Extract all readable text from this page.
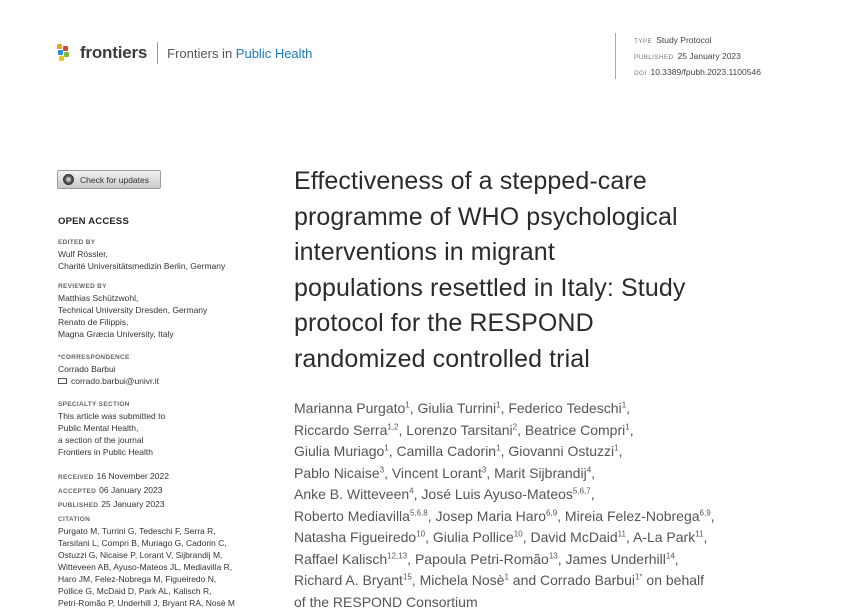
frontiers Frontiers in Public Health
TYPE Study Protocol
PUBLISHED 25 January 2023
DOI 10.3389/fpubh.2023.1100546
Check for updates
OPEN ACCESS
EDITED BY
Wulf Rössler,
Charité Universitätsmedizin Berlin, Germany
REVIEWED BY
Matthias Schützwohl,
Technical University Dresden, Germany
Renato de Filippis,
Magna Græcia University, Italy
*CORRESPONDENCE
Corrado Barbui
corrado.barbui@univr.it
SPECIALTY SECTION
This article was submitted to
Public Mental Health,
a section of the journal
Frontiers in Public Health
RECEIVED 16 November 2022
ACCEPTED 06 January 2023
PUBLISHED 25 January 2023
CITATION
Purgato M, Turrini G, Tedeschi F, Serra R,
Tarsitani L, Compri B, Muriago G, Cadorin C,
Ostuzzi G, Nicaise P, Lorant V, Sijbrandij M,
Witteveen AB, Ayuso-Mateos JL, Mediavilla R,
Haro JM, Felez-Nobrega M, Figueiredo N,
Pollice G, McDaid D, Park AL, Kalisch R,
Petri-Romão P, Underhill J, Bryant RA, Nosè M
Effectiveness of a stepped-care
programme of WHO psychological
interventions in migrant
populations resettled in Italy: Study
protocol for the RESPOND
randomized controlled trial
Marianna Purgato$^1$, Giulia Turrini$^1$, Federico Tedeschi$^1$,
Riccardo Serra$^{1,2}$, Lorenzo Tarsitani$^2$, Beatrice Compri$^1$,
Giulia Muriago$^1$, Camilla Cadorin$^1$, Giovanni Ostuzzi$^1$,
Pablo Nicaise$^3$, Vincent Lorant$^3$, Marit Sijbrandij$^4$,
Anke B. Witteveen$^4$, José Luis Ayuso-Mateos$^{5,6,7}$,
Roberto Mediavilla$^{5,6,8}$, Josep Maria Haro$^{6,9}$, Mireia Felez-Nobrega$^{6,9}$,
Natasha Figueiredo$^{10}$, Giulia Pollice$^{10}$, David McDaid$^{11}$, A-La Park$^{11}$,
Raffael Kalisch$^{12,13}$, Papoula Petri-Romão$^{13}$, James Underhill$^{14}$,
Richard A. Bryant$^{15}$, Michela Nosè$^1$ and Corrado Barbui$^{1*}$ on behalf
of the RESPOND Consortium
